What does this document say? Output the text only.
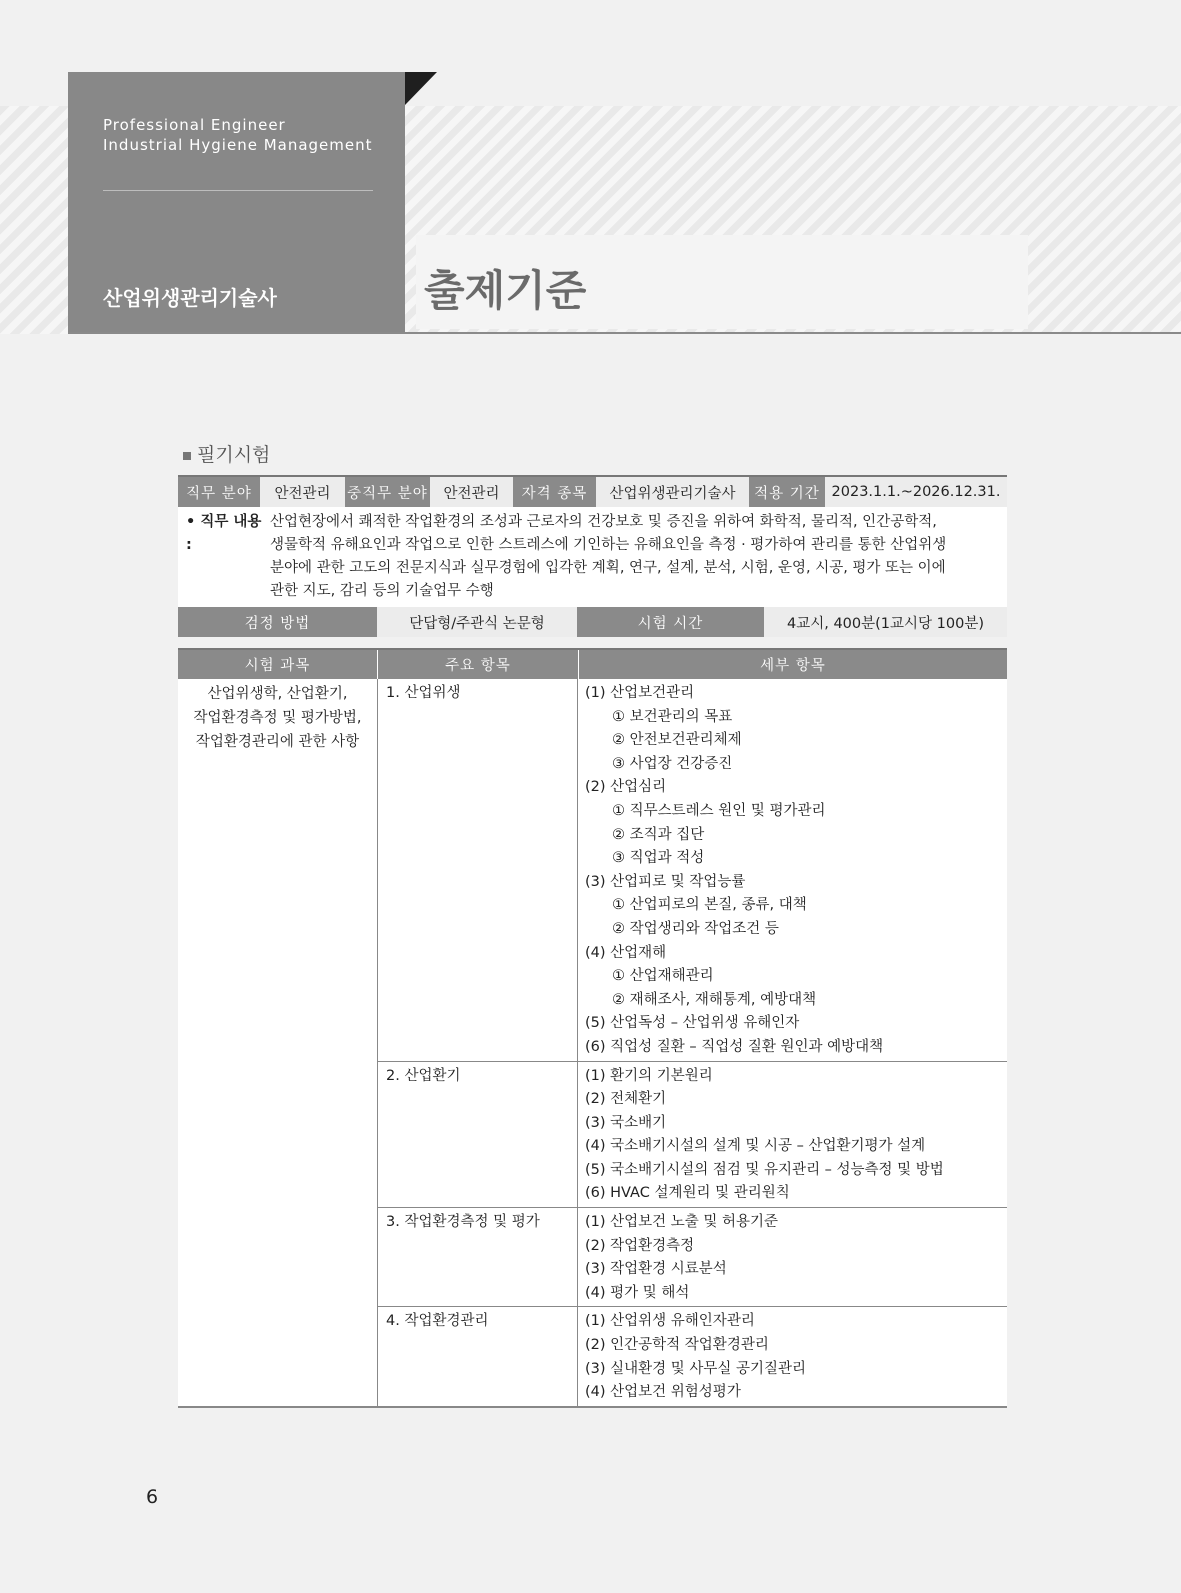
Professional Engineer
Industrial Hygiene Management
산업위생관리기술사	출제기준
필기시험
직무 분야	안전관리	중직무 분야	안전관리	자격 종목	산업위생관리기술사	적용 기간 2023.1.1.~2026.12.31.
• 직무 내용 :
산업현장에서 쾌적한 작업환경의 조성과 근로자의 건강보호 및 증진을 위하여 화학적, 물리적, 인간공학적,
생물학적 유해요인과 작업으로 인한 스트레스에 기인하는 유해요인을 측정 · 평가하여 관리를 통한 산업위생
분야에 관한 고도의 전문지식과 실무경험에 입각한 계획, 연구, 설계, 분석, 시험, 운영, 시공, 평가 또는 이에
관한 지도, 감리 등의 기술업무 수행
검정 방법	단답형/주관식 논문형	시험 시간	4교시, 400분(1교시당 100분)
시험 과목	주요 항목	세부 항목
산업위생학, 산업환기,
작업환경측정 및 평가방법,
작업환경관리에 관한 사항
1. 산업위생	(1) 산업보건관리
① 보건관리의 목표
② 안전보건관리체제
③ 사업장 건강증진
(2) 산업심리
① 직무스트레스 원인 및 평가관리
② 조직과 집단
③ 직업과 적성
(3) 산업피로 및 작업능률
① 산업피로의 본질, 종류, 대책
② 작업생리와 작업조건 등
(4) 산업재해
① 산업재해관리
② 재해조사, 재해통계, 예방대책
(5) 산업독성 – 산업위생 유해인자
(6) 직업성 질환 – 직업성 질환 원인과 예방대책
2. 산업환기	(1) 환기의 기본원리
(2) 전체환기
(3) 국소배기
(4) 국소배기시설의 설계 및 시공 – 산업환기평가 설계
(5) 국소배기시설의 점검 및 유지관리 – 성능측정 및 방법
(6) HVAC 설계원리 및 관리원칙
3. 작업환경측정 및 평가	(1) 산업보건 노출 및 허용기준
(2) 작업환경측정
(3) 작업환경 시료분석
(4) 평가 및 해석
4. 작업환경관리	(1) 산업위생 유해인자관리
(2) 인간공학적 작업환경관리
(3) 실내환경 및 사무실 공기질관리
(4) 산업보건 위험성평가
6
